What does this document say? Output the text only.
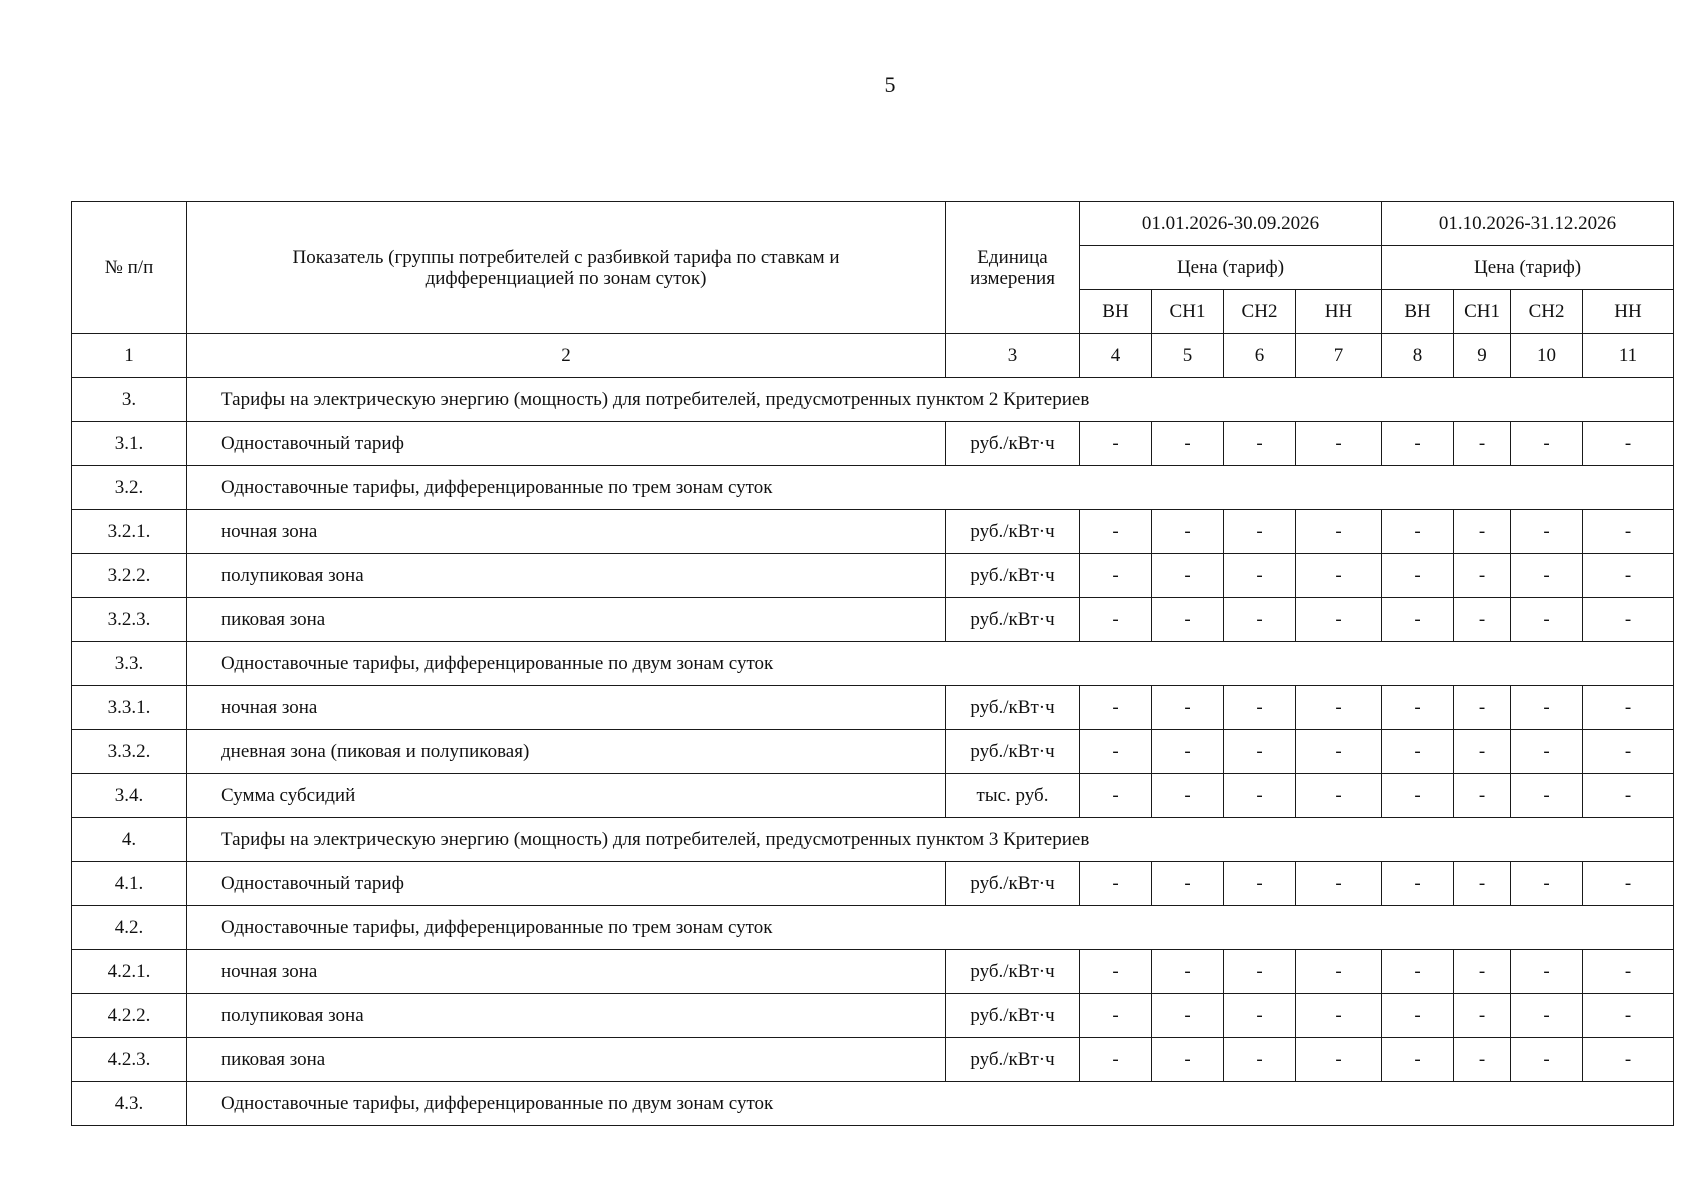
5
№ п/п	Показатель (группы потребителей с разбивкой тарифа по ставкам и дифференциацией по зонам суток)	Единица измерения	01.01.2026-30.09.2026				01.10.2026-31.12.2026			
			Цена (тариф)				Цена (тариф)			
			ВН	СН1	СН2	НН	ВН	СН1	СН2	НН
1	2	3	4	5	6	7	8	9	10	11
3.	Тарифы на электрическую энергию (мощность) для потребителей, предусмотренных пунктом 2 Критериев									
3.1.	Одноставочный тариф	руб./кВт·ч	-	-	-	-	-	-	-	-
3.2.	Одноставочные тарифы, дифференцированные по трем зонам суток									
3.2.1.	ночная зона	руб./кВт·ч	-	-	-	-	-	-	-	-
3.2.2.	полупиковая зона	руб./кВт·ч	-	-	-	-	-	-	-	-
3.2.3.	пиковая зона	руб./кВт·ч	-	-	-	-	-	-	-	-
3.3.	Одноставочные тарифы, дифференцированные по двум зонам суток									
3.3.1.	ночная зона	руб./кВт·ч	-	-	-	-	-	-	-	-
3.3.2.	дневная зона (пиковая и полупиковая)	руб./кВт·ч	-	-	-	-	-	-	-	-
3.4.	Сумма субсидий	тыс. руб.	-	-	-	-	-	-	-	-
4.	Тарифы на электрическую энергию (мощность) для потребителей, предусмотренных пунктом 3 Критериев									
4.1.	Одноставочный тариф	руб./кВт·ч	-	-	-	-	-	-	-	-
4.2.	Одноставочные тарифы, дифференцированные по трем зонам суток									
4.2.1.	ночная зона	руб./кВт·ч	-	-	-	-	-	-	-	-
4.2.2.	полупиковая зона	руб./кВт·ч	-	-	-	-	-	-	-	-
4.2.3.	пиковая зона	руб./кВт·ч	-	-	-	-	-	-	-	-
4.3.	Одноставочные тарифы, дифференцированные по двум зонам суток									
